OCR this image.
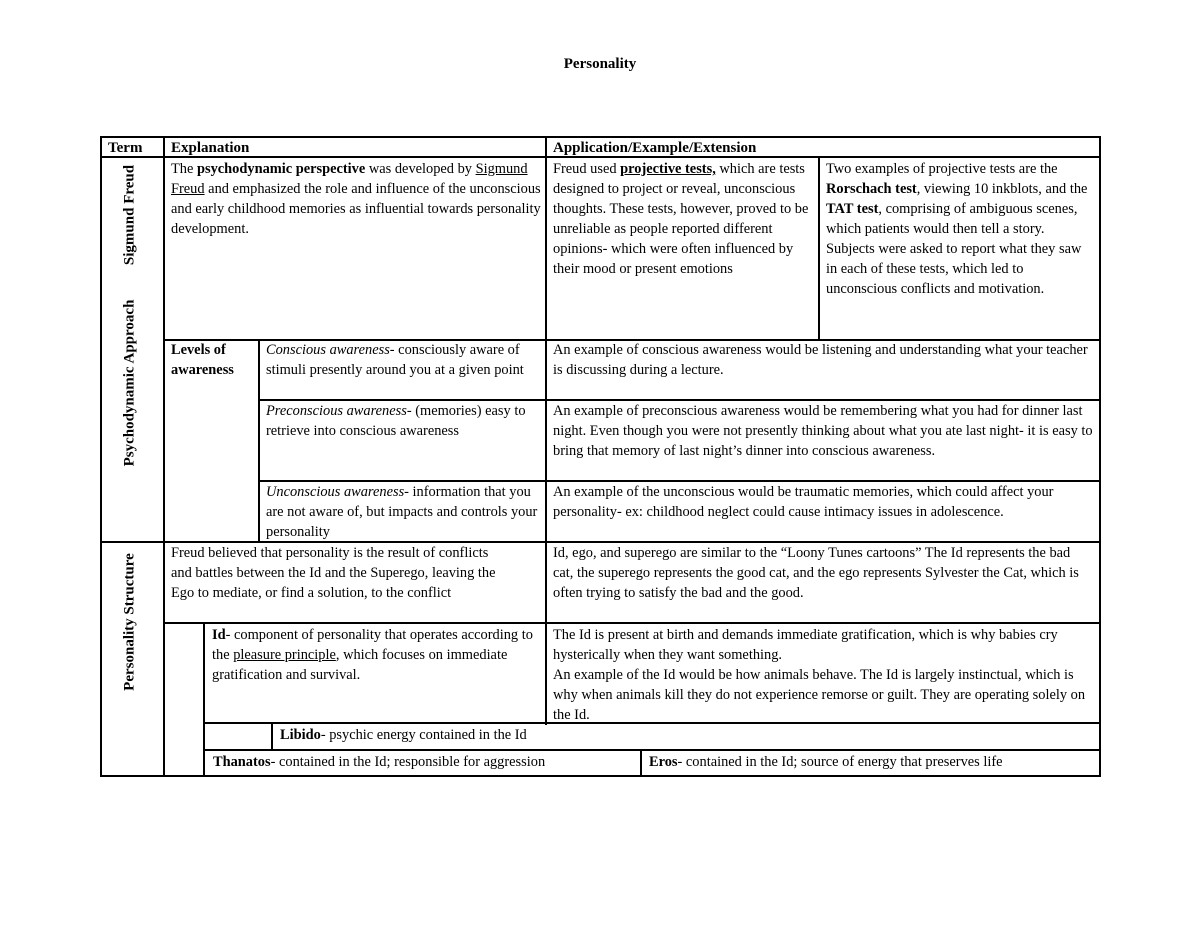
Personality
Term Explanation	Application/Example/Extension
Psychodynamic Approach
Sigmund Freud
Personality Structure
The psychodynamic perspective was developed by Sigmund Freud and emphasized the role and influence of the unconscious and early childhood memories as influential towards personality development.
Freud used projective tests, which are tests designed to project or reveal, unconscious thoughts. These tests, however, proved to be unreliable as people reported different opinions- which were often influenced by their mood or present emotions
Two examples of projective tests are the Rorschach test, viewing 10 inkblots, and the TAT test, comprising of ambiguous scenes, which patients would then tell a story. Subjects were asked to report what they saw in each of these tests, which led to unconscious conflicts and motivation.
Levels of awareness
Conscious awareness- consciously aware of stimuli presently around you at a given point
An example of conscious awareness would be listening and understanding what your teacher is discussing during a lecture.
Preconscious awareness- (memories) easy to retrieve into conscious awareness
An example of preconscious awareness would be remembering what you had for dinner last night. Even though you were not presently thinking about what you ate last night- it is easy to bring that memory of last night’s dinner into conscious awareness.
Unconscious awareness- information that you are not aware of, but impacts and controls your personality
An example of the unconscious would be traumatic memories, which could affect your personality- ex: childhood neglect could cause intimacy issues in adolescence.
Freud believed that personality is the result of conflicts and battles between the Id and the Superego, leaving the Ego to mediate, or find a solution, to the conflict
Id, ego, and superego are similar to the “Loony Tunes cartoons” The Id represents the bad cat, the superego represents the good cat, and the ego represents Sylvester the Cat, which is often trying to satisfy the bad and the good.
Id- component of personality that operates according to the pleasure principle, which focuses on immediate gratification and survival.
The Id is present at birth and demands immediate gratification, which is why babies cry hysterically when they want something.
An example of the Id would be how animals behave. The Id is largely instinctual, which is why when animals kill they do not experience remorse or guilt. They are operating solely on the Id.
Libido- psychic energy contained in the Id
Thanatos- contained in the Id; responsible for aggression	Eros- contained in the Id; source of energy that preserves life
